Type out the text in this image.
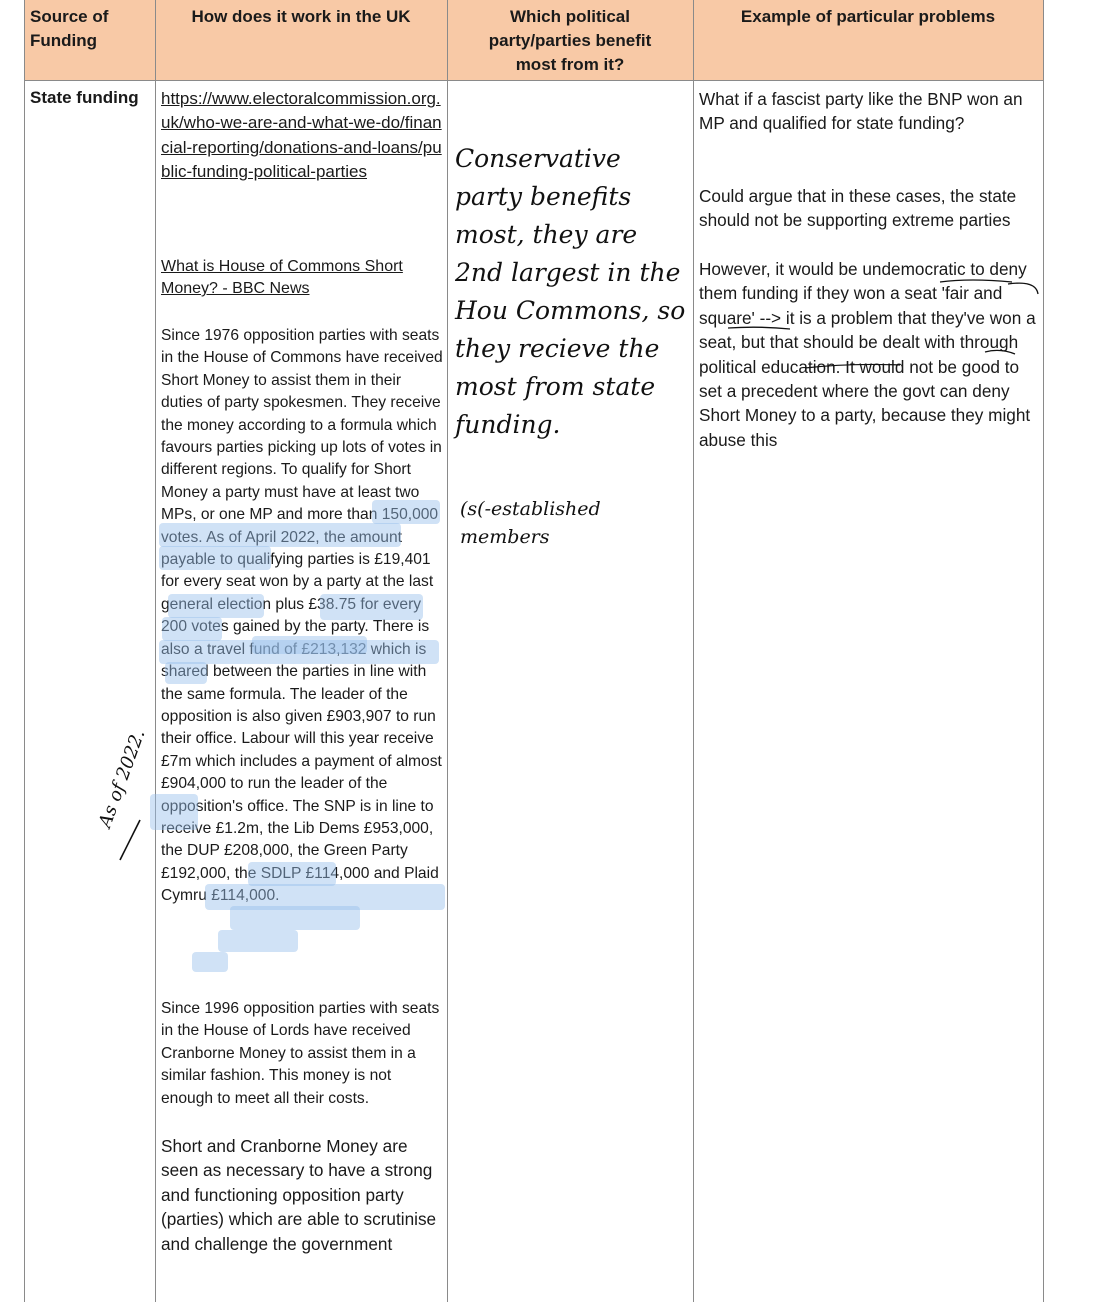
Source of Funding
How does it work in the UK	Which political party/parties benefit most from it?
Example of particular problems
State funding	https://www.electoralcommission.org.uk/who-we-are-and-what-we-do/financial-reporting/donations-and-loans/public-funding-political-parties
What is House of Commons Short Money? - BBC News
Since 1976 opposition parties with seats in the House of Commons have received Short Money to assist them in their duties of party spokesmen. They receive the money according to a formula which favours parties picking up lots of votes in different regions. To qualify for Short Money a party must have at least two MPs, or one MP and more than 150,000 votes. As of April 2022, the amount payable to qualifying parties is £19,401 for every seat won by a party at the last general election plus £38.75 for every 200 votes gained by the party. There is also a travel fund of £213,132 which is shared between the parties in line with the same formula. The leader of the opposition is also given £903,907 to run their office. Labour will this year receive £7m which includes a payment of almost £904,000 to run the leader of the opposition's office. The SNP is in line to receive £1.2m, the Lib Dems £953,000, the DUP £208,000, the Green Party £192,000, the SDLP £114,000 and Plaid Cymru £114,000.
Since 1996 opposition parties with seats in the House of Lords have received Cranborne Money to assist them in a similar fashion. This money is not enough to meet all their costs.
Short and Cranborne Money are seen as necessary to have a strong and functioning opposition party (parties) which are able to scrutinise and challenge the government
Conservative party benefits most, they are 2nd largest in the Hou Commons, so they recieve the most from state funding.
(s(-established members
As of 2022.
What if a fascist party like the BNP won an MP and qualified for state funding?
Could argue that in these cases, the state should not be supporting extreme parties
However, it would be undemocratic to deny them funding if they won a seat 'fair and square' --> it is a problem that they've won a seat, but that should be dealt with through political education. It would not be good to set a precedent where the govt can deny Short Money to a party, because they might abuse this
